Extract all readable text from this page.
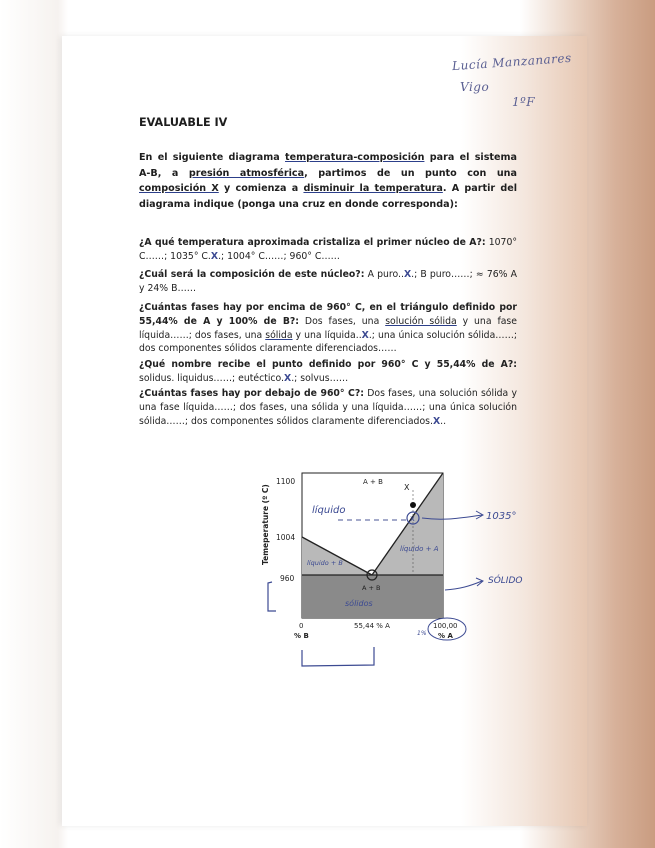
Lucía Manzanares
Vigo
1ºF
EVALUABLE IV
En el siguiente diagrama temperatura-composición para el sistema A-B, a presión atmosférica, partimos de un punto con una composición X y comienza a disminuir la temperatura. A partir del diagrama indique (ponga una cruz en donde corresponda):
¿A qué temperatura aproximada cristaliza el primer núcleo de A?: 1070° C……; 1035° C.X.; 1004° C……; 960° C……
¿Cuál será la composición de este núcleo?: A puro..X.; B puro……; ≈ 76% A y 24% B……
¿Cuántas fases hay por encima de 960° C, en el triángulo definido por 55,44% de A y 100% de B?: Dos fases, una solución sólida y una fase líquida……; dos fases, una sólida y una líquida..X.; una única solución sólida……; dos componentes sólidos claramente diferenciados……
¿Qué nombre recibe el punto definido por 960° C y 55,44% de A?: solidus. liquidus……; eutéctico.X.; solvus……
¿Cuántas fases hay por debajo de 960° C?: Dos fases, una solución sólida y una fase líquida……; dos fases, una sólida y una líquida……; una única solución sólida……; dos componentes sólidos claramente diferenciados.X..
X
x
A + B
A + B
1100
1004
960
Temeperature (º C)
0
% B
55,44 % A	100,00
% A
líquido
líquido + B
líquido + A
sólidos
1%
1035°
SÓLIDO
